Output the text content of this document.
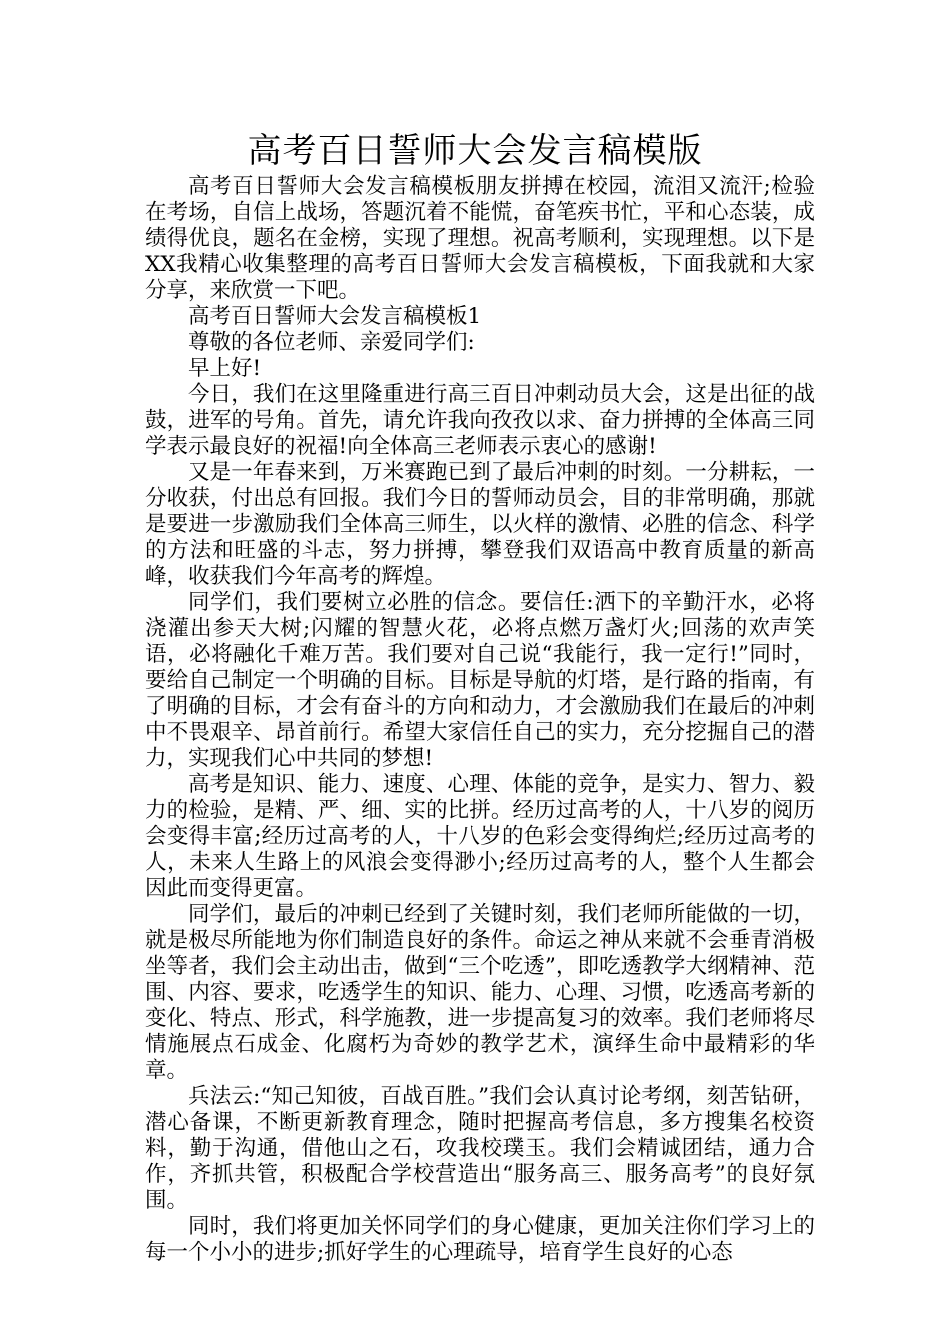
高考百日誓师大会发言稿模版

高考百日誓师大会发言稿模板朋友拼搏在校园，流泪又流汗;检验在考场，自信上战场，答题沉着不能慌，奋笔疾书忙，平和心态装，成绩得优良，题名在金榜，实现了理想。祝高考顺利，实现理想。以下是XX我精心收集整理的高考百日誓师大会发言稿模板，下面我就和大家分享，来欣赏一下吧。

高考百日誓师大会发言稿模板1

尊敬的各位老师、亲爱同学们:

早上好!

今日，我们在这里隆重进行高三百日冲刺动员大会，这是出征的战鼓，进军的号角。首先，请允许我向孜孜以求、奋力拼搏的全体高三同学表示最良好的祝福!向全体高三老师表示衷心的感谢!

又是一年春来到，万米赛跑已到了最后冲刺的时刻。一分耕耘，一分收获，付出总有回报。我们今日的誓师动员会，目的非常明确，那就是要进一步激励我们全体高三师生，以火样的激情、必胜的信念、科学的方法和旺盛的斗志，努力拼搏，攀登我们双语高中教育质量的新高峰，收获我们今年高考的辉煌。

同学们，我们要树立必胜的信念。要信任:洒下的辛勤汗水，必将浇灌出参天大树;闪耀的智慧火花，必将点燃万盏灯火;回荡的欢声笑语，必将融化千难万苦。我们要对自己说“我能行，我一定行!”同时，要给自己制定一个明确的目标。目标是导航的灯塔，是行路的指南，有了明确的目标，才会有奋斗的方向和动力，才会激励我们在最后的冲刺中不畏艰辛、昂首前行。希望大家信任自己的实力，充分挖掘自己的潜力，实现我们心中共同的梦想!

高考是知识、能力、速度、心理、体能的竞争，是实力、智力、毅力的检验，是精、严、细、实的比拼。经历过高考的人，十八岁的阅历会变得丰富;经历过高考的人，十八岁的色彩会变得绚烂;经历过高考的人，未来人生路上的风浪会变得渺小;经历过高考的人，整个人生都会因此而变得更富。

同学们，最后的冲刺已经到了关键时刻，我们老师所能做的一切，就是极尽所能地为你们制造良好的条件。命运之神从来就不会垂青消极坐等者，我们会主动出击，做到“三个吃透”，即吃透教学大纲精神、范围、内容、要求，吃透学生的知识、能力、心理、习惯，吃透高考新的变化、特点、形式，科学施教，进一步提高复习的效率。我们老师将尽情施展点石成金、化腐朽为奇妙的教学艺术，演绎生命中最精彩的华章。

兵法云:“知己知彼，百战百胜。”我们会认真讨论考纲，刻苦钻研，潜心备课，不断更新教育理念，随时把握高考信息，多方搜集名校资料，勤于沟通，借他山之石，攻我校璞玉。我们会精诚团结，通力合作，齐抓共管，积极配合学校营造出“服务高三、服务高考”的良好氛围。

同时，我们将更加关怀同学们的身心健康，更加关注你们学习上的每一个小小的进步;抓好学生的心理疏导，培育学生良好的心态
